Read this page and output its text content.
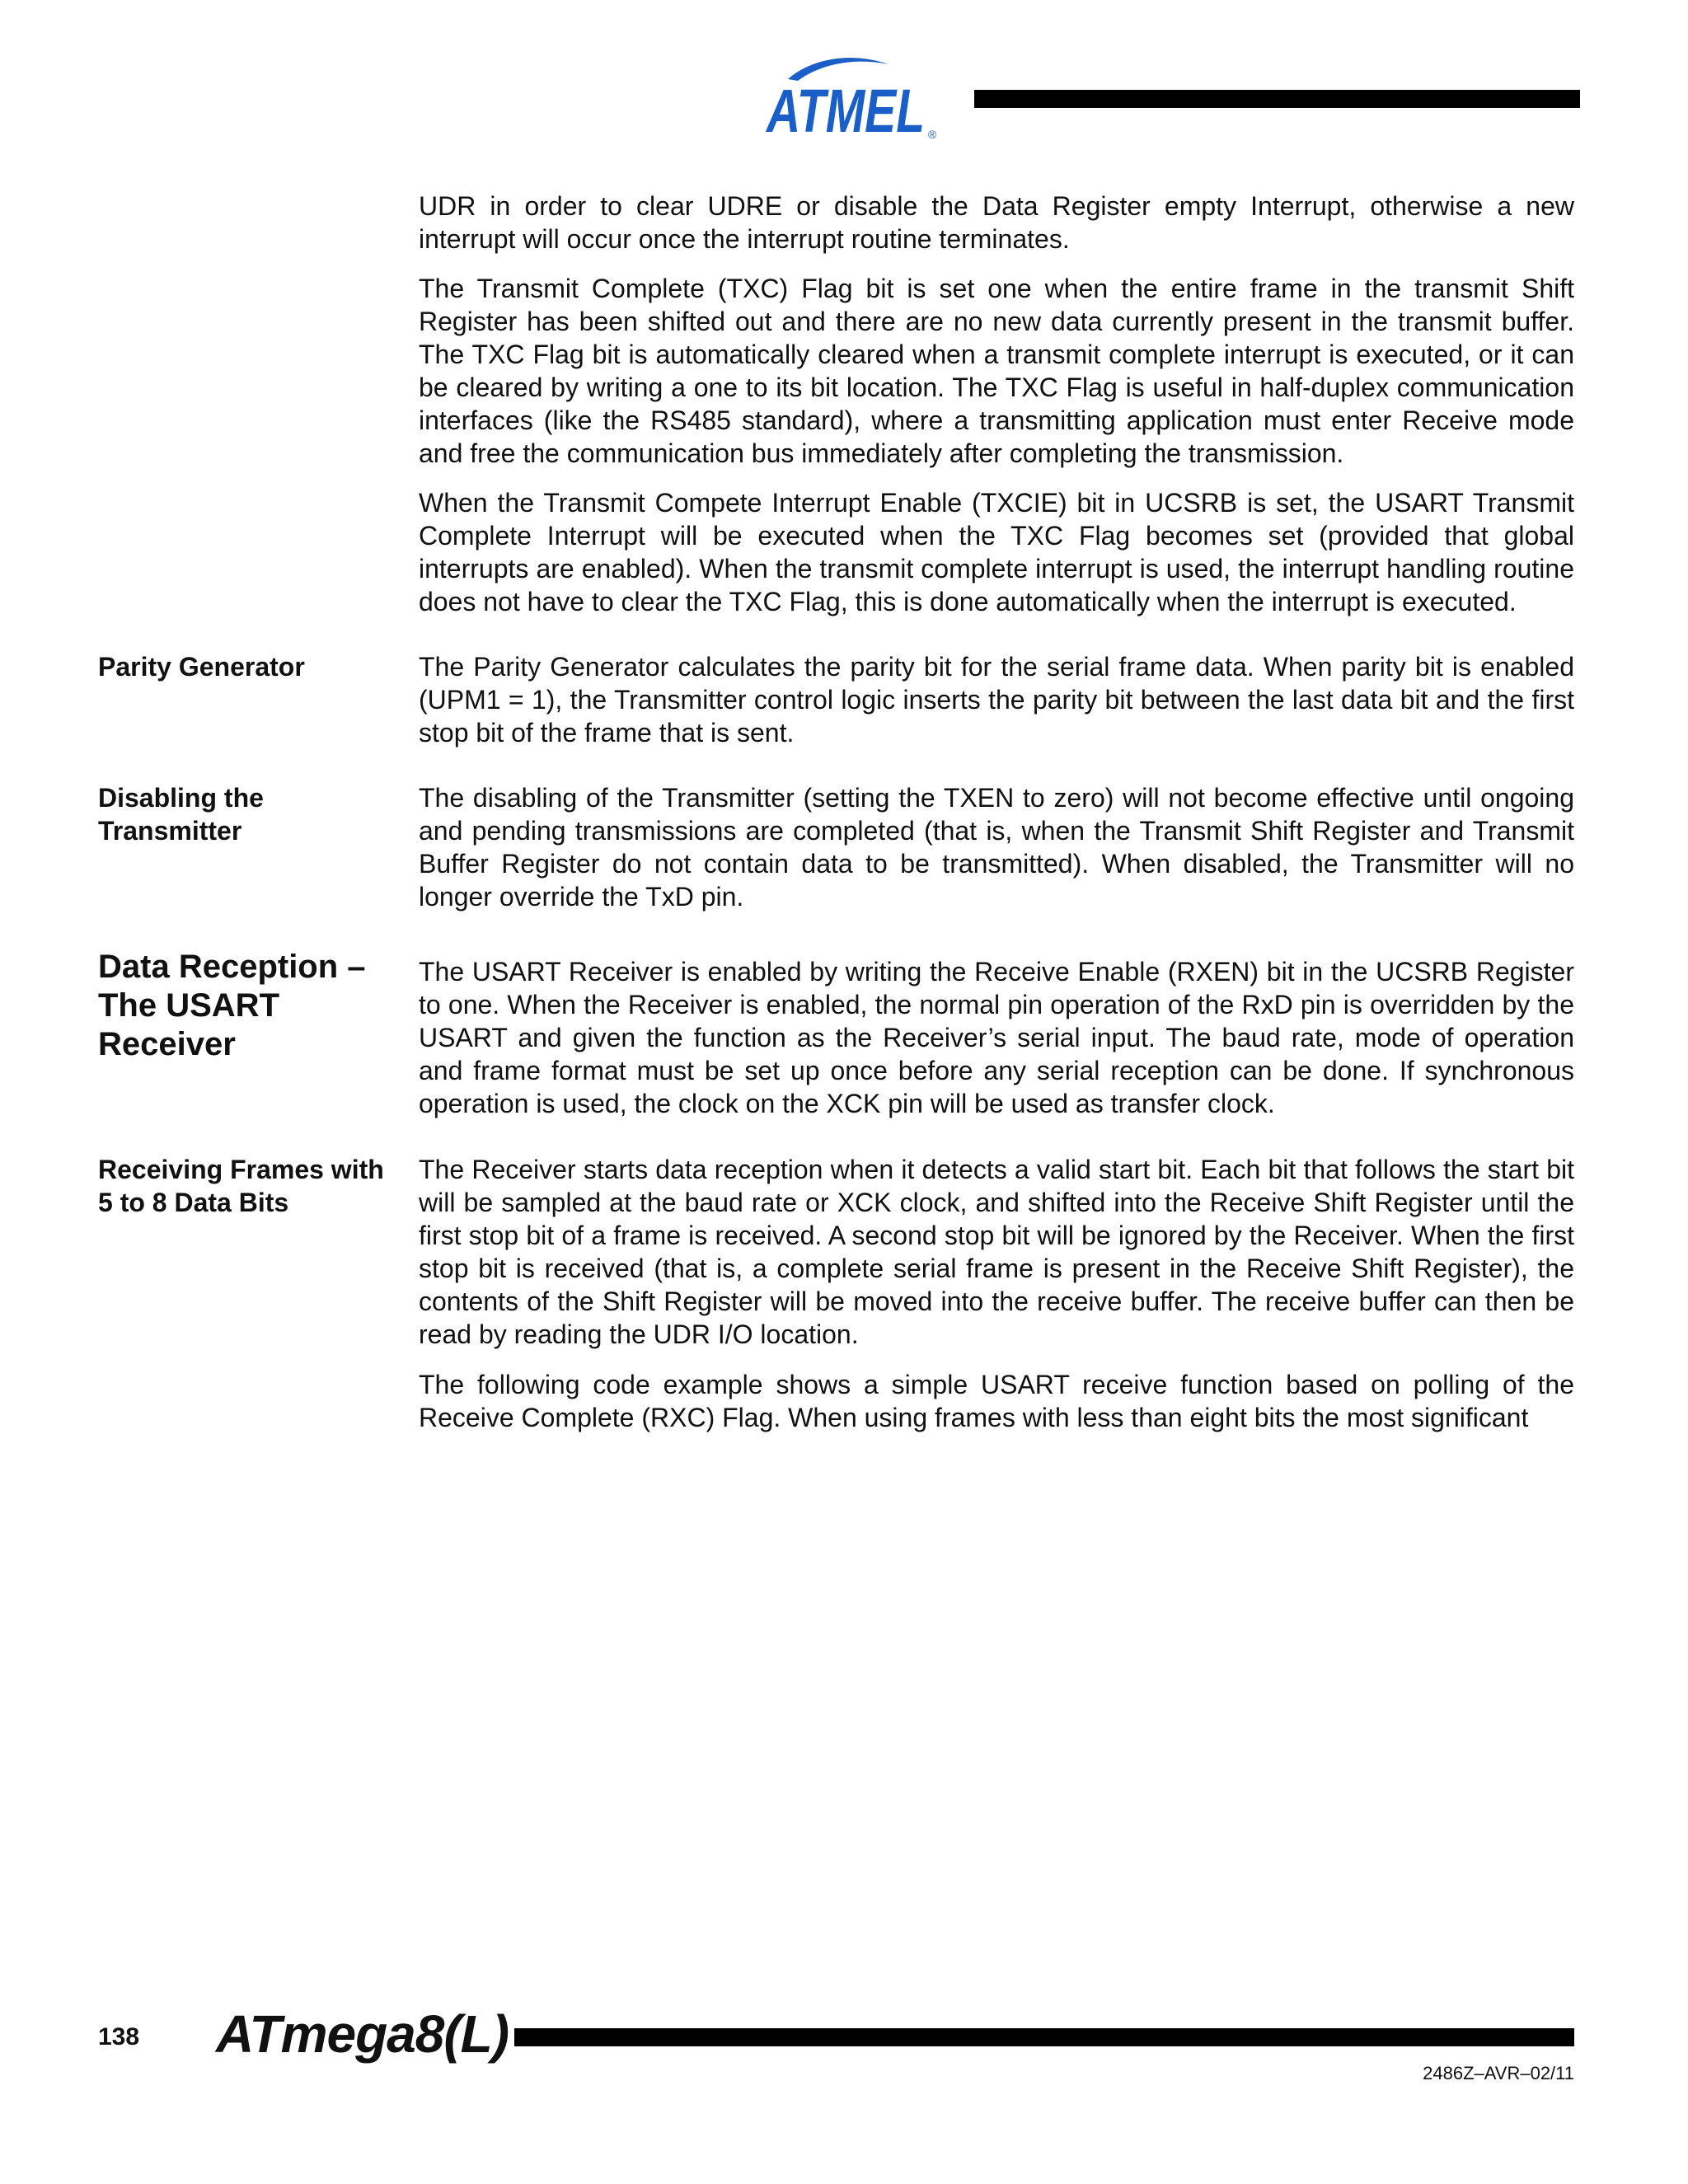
ATMEL ®

UDR in order to clear UDRE or disable the Data Register empty Interrupt, otherwise a new interrupt will occur once the interrupt routine terminates.

The Transmit Complete (TXC) Flag bit is set one when the entire frame in the transmit Shift Register has been shifted out and there are no new data currently present in the transmit buffer. The TXC Flag bit is automatically cleared when a transmit complete interrupt is executed, or it can be cleared by writing a one to its bit location. The TXC Flag is useful in half-duplex communication interfaces (like the RS485 standard), where a transmitting application must enter Receive mode and free the communication bus immediately after completing the transmission.

When the Transmit Compete Interrupt Enable (TXCIE) bit in UCSRB is set, the USART Transmit Complete Interrupt will be executed when the TXC Flag becomes set (provided that global interrupts are enabled). When the transmit complete interrupt is used, the interrupt handling routine does not have to clear the TXC Flag, this is done automatically when the interrupt is executed.

Parity Generator	The Parity Generator calculates the parity bit for the serial frame data. When parity bit is enabled (UPM1 = 1), the Transmitter control logic inserts the parity bit between the last data bit and the first stop bit of the frame that is sent.

Disabling the
Transmitter

The disabling of the Transmitter (setting the TXEN to zero) will not become effective until ongoing and pending transmissions are completed (that is, when the Transmit Shift Register and Transmit Buffer Register do not contain data to be transmitted). When disabled, the Transmitter will no longer override the TxD pin.

Data Reception –
The USART
Receiver

The USART Receiver is enabled by writing the Receive Enable (RXEN) bit in the UCSRB Register to one. When the Receiver is enabled, the normal pin operation of the RxD pin is overridden by the USART and given the function as the Receiver’s serial input. The baud rate, mode of operation and frame format must be set up once before any serial reception can be done. If synchronous operation is used, the clock on the XCK pin will be used as transfer clock.

Receiving Frames with
5 to 8 Data Bits

The Receiver starts data reception when it detects a valid start bit. Each bit that follows the start bit will be sampled at the baud rate or XCK clock, and shifted into the Receive Shift Register until the first stop bit of a frame is received. A second stop bit will be ignored by the Receiver. When the first stop bit is received (that is, a complete serial frame is present in the Receive Shift Register), the contents of the Shift Register will be moved into the receive buffer. The receive buffer can then be read by reading the UDR I/O location.

The following code example shows a simple USART receive function based on polling of the Receive Complete (RXC) Flag. When using frames with less than eight bits the most significant

138 ATmega8(L)
2486Z–AVR–02/11
